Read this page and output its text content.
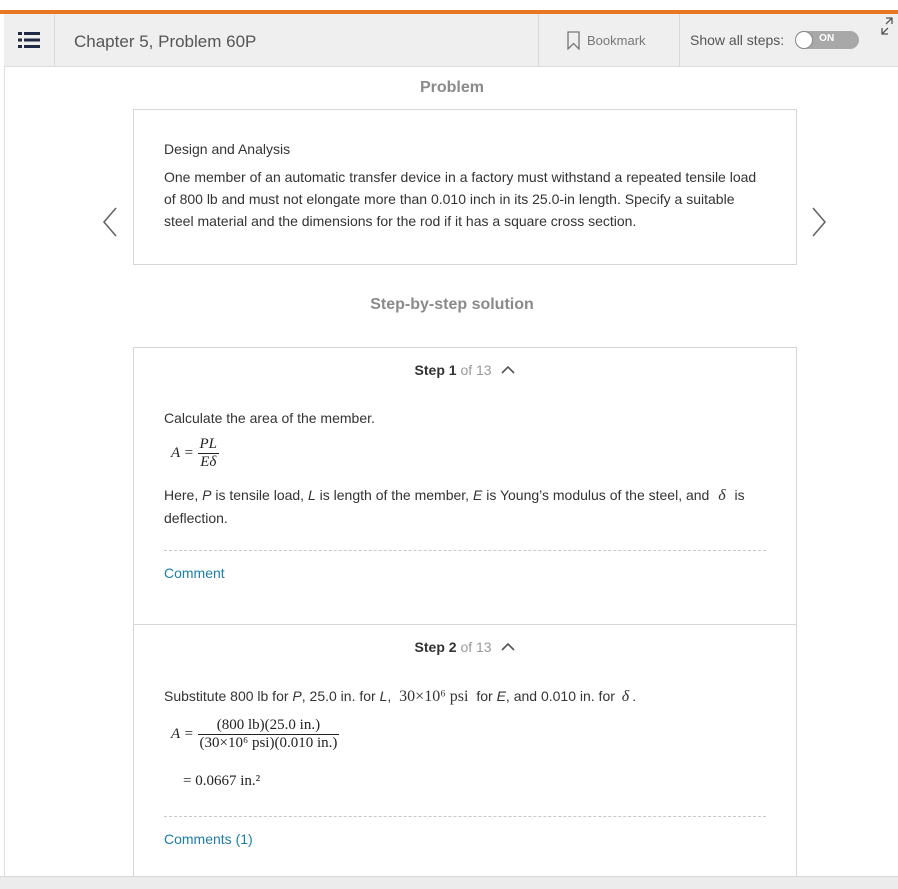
Chapter 5, Problem 60P	Bookmark	Show all steps:	ON
Problem
Design and Analysis
One member of an automatic transfer device in a factory must withstand a repeated tensile load of 800 lb and must not elongate more than 0.010 inch in its 25.0-in length. Specify a suitable steel material and the dimensions for the rod if it has a square cross section.
Step-by-step solution
Step 1 of 13
Calculate the area of the member.
$A = \frac{PL}{E\delta}$
Here, P is tensile load, L is length of the member, E is Young’s modulus of the steel, and δ is deflection.
Comment
Step 2 of 13
Substitute 800 lb for P, 25.0 in. for L, 30×10⁶ psi for E, and 0.010 in. for δ .
$A = \frac{(800 lb)(25.0 in.)}{\text{(30×10⁶ psi)(0.010 in.)}}$
= 0.0667 in.²
Comments (1)
